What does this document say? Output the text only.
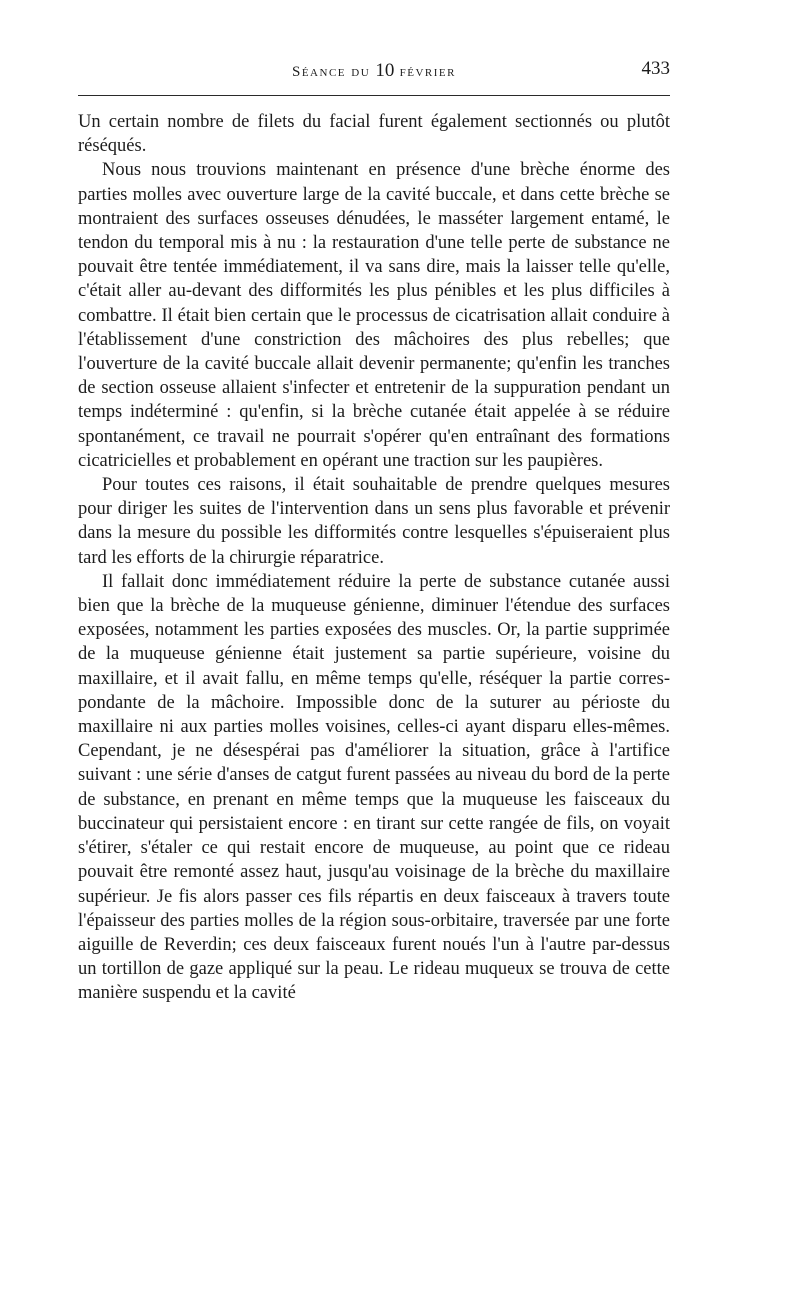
Séance du 10 février	433

Un certain nombre de filets du facial furent également sectionnés ou plutôt réséqués.

Nous nous trouvions maintenant en présence d'une brèche énorme des parties molles avec ouverture large de la cavité buccale, et dans cette brèche se montraient des surfaces osseuses dénudées, le masséter largement entamé, le tendon du temporal mis à nu : la restauration d'une telle perte de substance ne pouvait être tentée immédiatement, il va sans dire, mais la laisser telle qu'elle, c'était aller au-devant des difformités les plus pénibles et les plus difficiles à combattre. Il était bien certain que le processus de cicatrisation allait conduire à l'établissement d'une constriction des mâchoires des plus rebelles; que l'ouverture de la cavité buccale allait devenir permanente; qu'enfin les tranches de section osseuse allaient s'infecter et entretenir de la suppuration pendant un temps indéterminé : qu'enfin, si la brèche cutanée était appelée à se réduire spontanément, ce travail ne pourrait s'opérer qu'en entraînant des formations cicatricielles et probablement en opérant une traction sur les paupières.

Pour toutes ces raisons, il était souhaitable de prendre quelques mesures pour diriger les suites de l'intervention dans un sens plus favorable et prévenir dans la mesure du possible les difformités contre lesquelles s'épuiseraient plus tard les efforts de la chirurgie réparatrice.

Il fallait donc immédiatement réduire la perte de substance cutanée aussi bien que la brèche de la muqueuse génienne, diminuer l'étendue des surfaces exposées, notamment les parties exposées des muscles. Or, la partie supprimée de la muqueuse génienne était justement sa partie supérieure, voisine du maxillaire, et il avait fallu, en même temps qu'elle, réséquer la partie correspondante de la mâchoire. Impossible donc de la suturer au périoste du maxillaire ni aux parties molles voisines, celles-ci ayant disparu elles-mêmes. Cependant, je ne désespérai pas d'améliorer la situation, grâce à l'artifice suivant : une série d'anses de catgut furent passées au niveau du bord de la perte de substance, en prenant en même temps que la muqueuse les faisceaux du buccinateur qui persistaient encore : en tirant sur cette rangée de fils, on voyait s'étirer, s'étaler ce qui restait encore de muqueuse, au point que ce rideau pouvait être remonté assez haut, jusqu'au voisinage de la brèche du maxillaire supérieur. Je fis alors passer ces fils répartis en deux faisceaux à travers toute l'épaisseur des parties molles de la région sous-orbitaire, traversée par une forte aiguille de Reverdin; ces deux faisceaux furent noués l'un à l'autre par-dessus un tortillon de gaze appliqué sur la peau. Le rideau muqueux se trouva de cette manière suspendu et la cavité
